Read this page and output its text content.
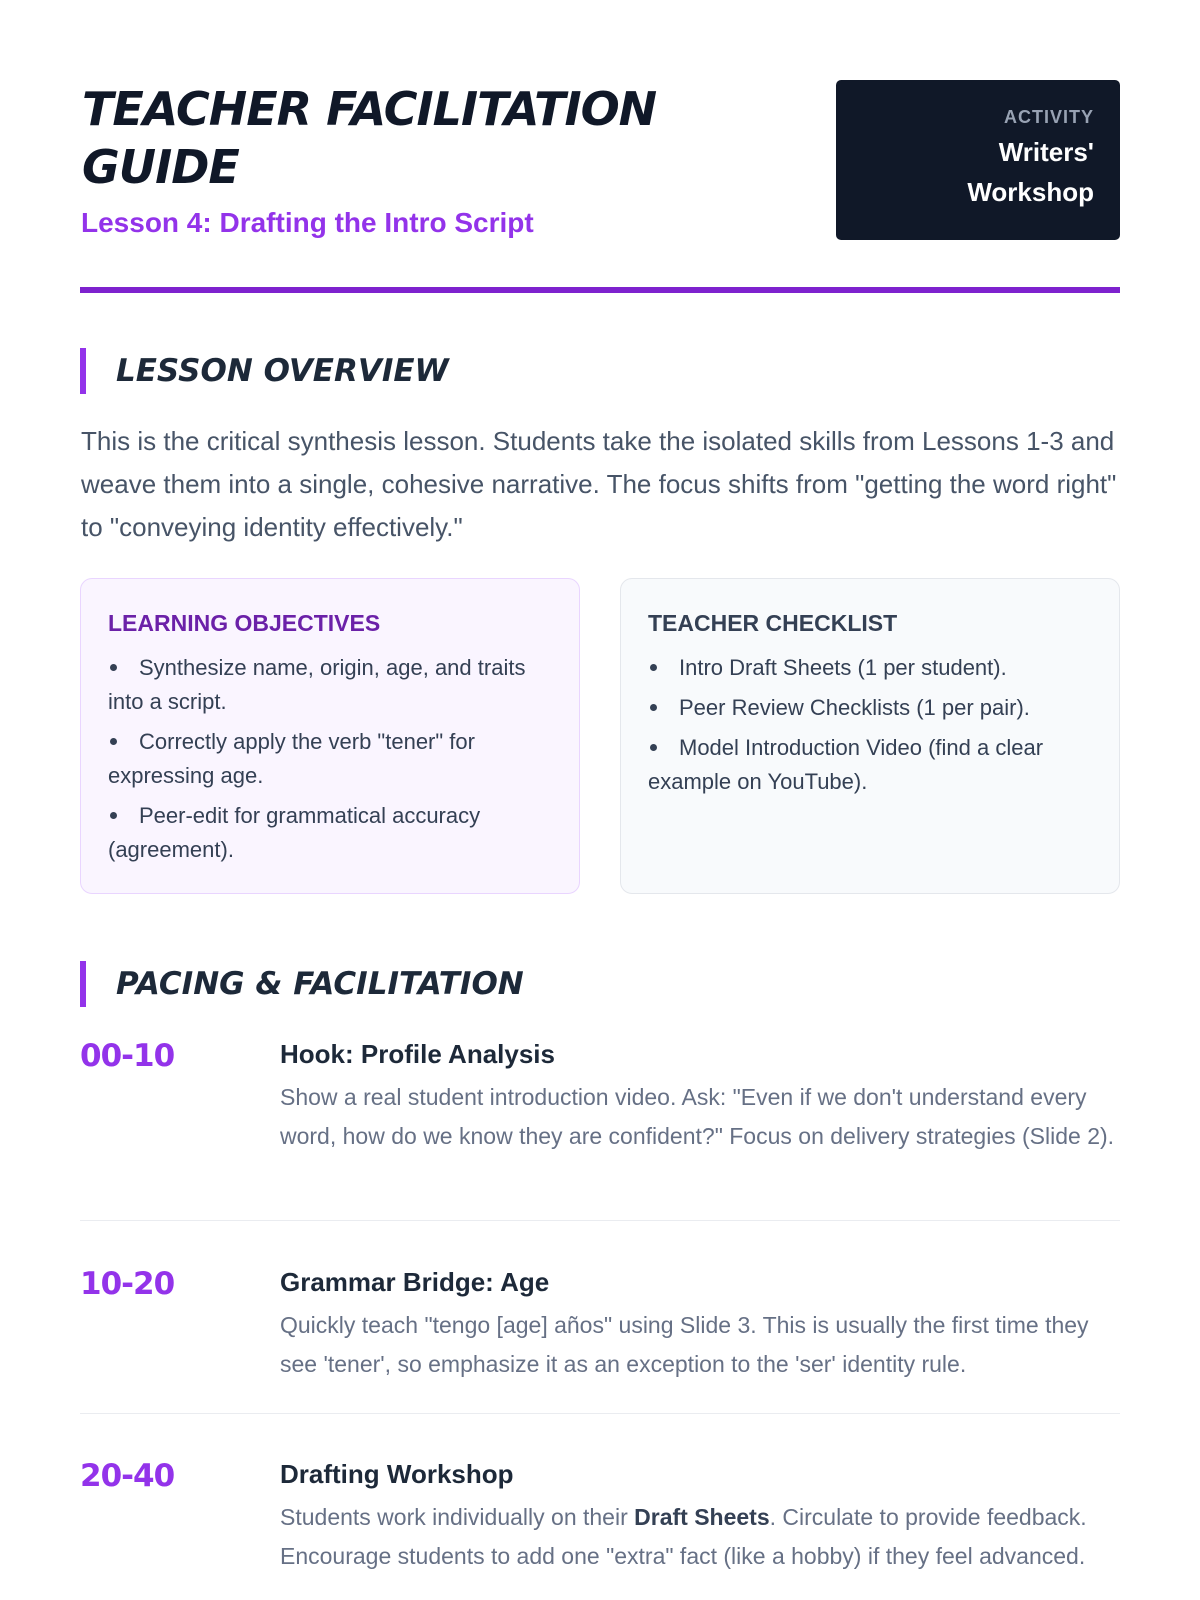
TEACHER FACILITATION GUIDE
Lesson 4: Drafting the Intro Script
ACTIVITY
Writers' Workshop
LESSON OVERVIEW

This is the critical synthesis lesson. Students take the isolated skills from Lessons 1-3 and weave them into a single, cohesive narrative. The focus shifts from "getting the word right" to "conveying identity effectively."

LEARNING OBJECTIVES
Synthesize name, origin, age, and traits into a script.
Correctly apply the verb "tener" for expressing age.
Peer-edit for grammatical accuracy (agreement).
TEACHER CHECKLIST
Intro Draft Sheets (1 per student).
Peer Review Checklists (1 per pair).
Model Introduction Video (find a clear example on YouTube).
PACING & FACILITATION
00-10	Hook: Profile Analysis
Show a real student introduction video. Ask: "Even if we don't understand every word, how do we know they are confident?" Focus on delivery strategies (Slide 2).
10-20	Grammar Bridge: Age
Quickly teach "tengo [age] años" using Slide 3. This is usually the first time they see 'tener', so emphasize it as an exception to the 'ser' identity rule.
20-40	Drafting Workshop
Students work individually on their Draft Sheets. Circulate to provide feedback. Encourage students to add one "extra" fact (like a hobby) if they feel advanced.
